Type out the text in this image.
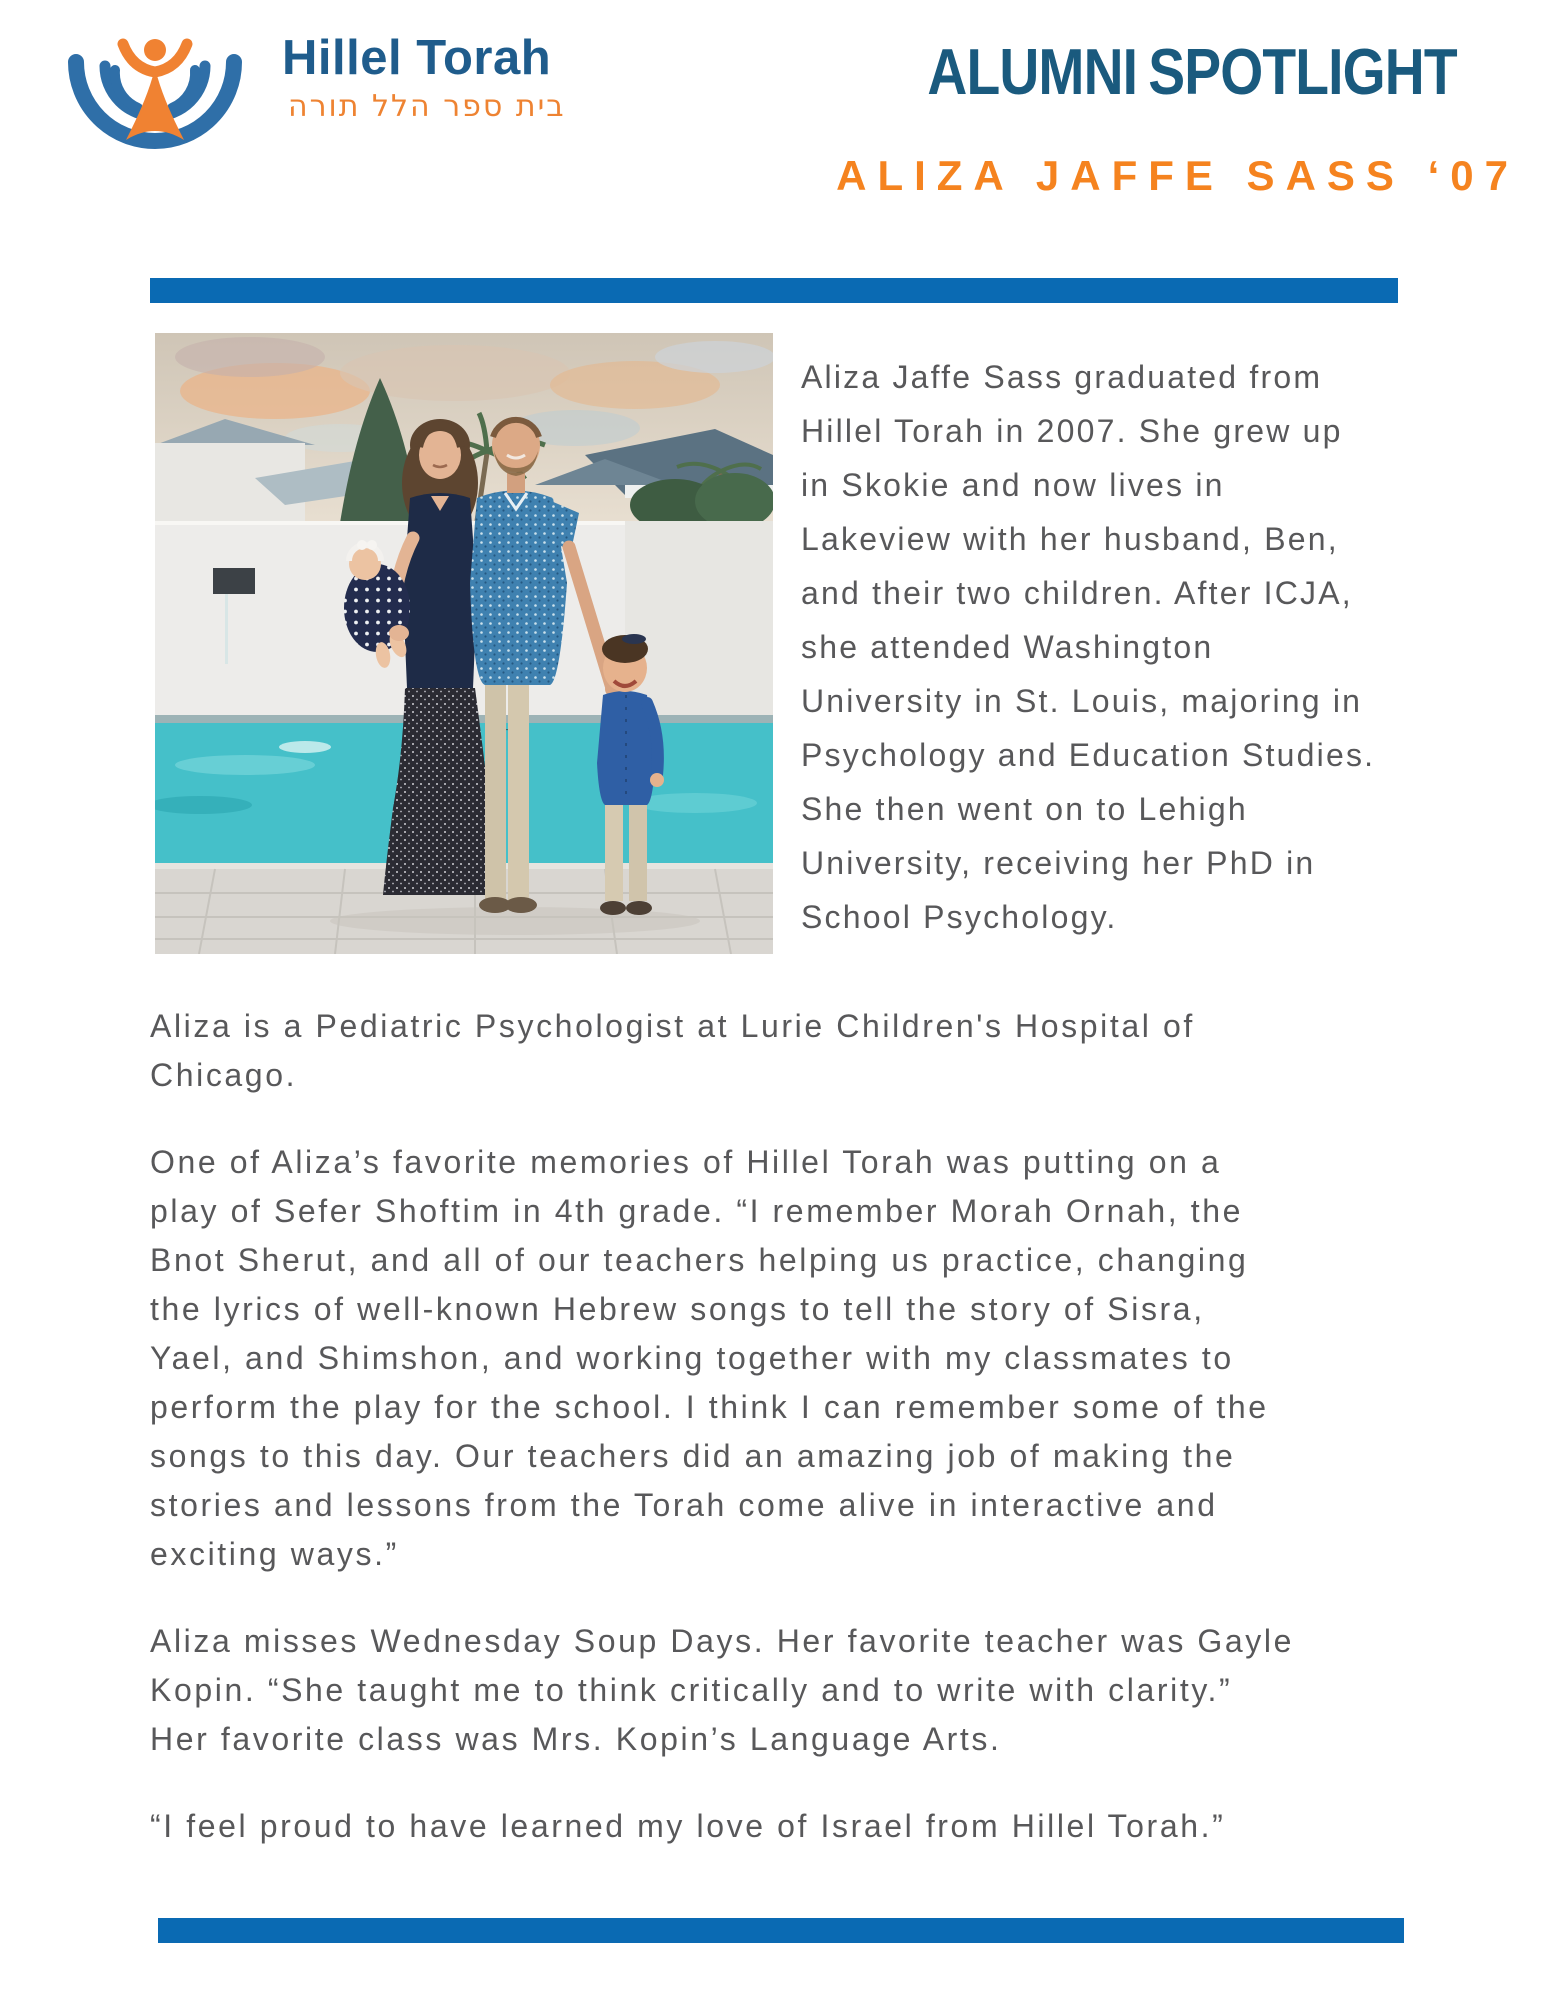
Hillel Torah
בית ספר הלל תורה	ALUMNI SPOTLIGHT
ALIZA JAFFE SASS ‘07
Aliza Jaffe Sass graduated from
Hillel Torah in 2007. She grew up
in Skokie and now lives in
Lakeview with her husband, Ben,
and their two children. After ICJA,
she attended Washington
University in St. Louis, majoring in
Psychology and Education Studies.
She then went on to Lehigh
University, receiving her PhD in
School Psychology.

Aliza is a Pediatric Psychologist at Lurie Children's Hospital of
Chicago.

One of Aliza’s favorite memories of Hillel Torah was putting on a
play of Sefer Shoftim in 4th grade. “I remember Morah Ornah, the
Bnot Sherut, and all of our teachers helping us practice, changing
the lyrics of well-known Hebrew songs to tell the story of Sisra,
Yael, and Shimshon, and working together with my classmates to
perform the play for the school. I think I can remember some of the
songs to this day. Our teachers did an amazing job of making the
stories and lessons from the Torah come alive in interactive and
exciting ways.”

Aliza misses Wednesday Soup Days. Her favorite teacher was Gayle
Kopin. “She taught me to think critically and to write with clarity.”
Her favorite class was Mrs. Kopin’s Language Arts.

“I feel proud to have learned my love of Israel from Hillel Torah.”
